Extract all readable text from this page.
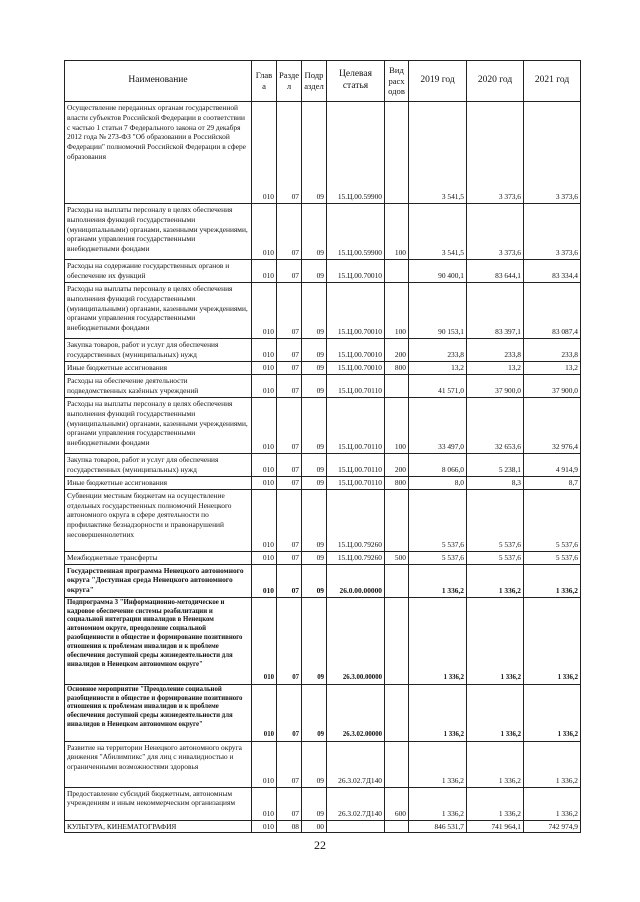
Наименование	Глав а	Разде л	Подр аздел	Целевая статья	Вид расх одов	2019 год	2020 год	2021 год
Осуществление переданных органам государственной власти субъектов Российской Федерации в соответствии с частью 1 статьи 7 Федерального закона от 29 декабря 2012 года № 273-ФЗ "Об образовании в Российской Федерации" полномочий Российской Федерации в сфере образования	010	07	09	15.Ц.00.59900		3 541,5	3 373,6	3 373,6
Расходы на выплаты персоналу в целях обеспечения выполнения функций государственными (муниципальными) органами, казенными учреждениями, органами управления государственными внебюджетными фондами	010	07	09	15.Ц.00.59900	100	3 541,5	3 373,6	3 373,6
Расходы на содержание государственных органов и обеспечение их функций	010	07	09	15.Ц.00.70010		90 400,1	83 644,1	83 334,4
Расходы на выплаты персоналу в целях обеспечения выполнения функций государственными (муниципальными) органами, казенными учреждениями, органами управления государственными внебюджетными фондами	010	07	09	15.Ц.00.70010	100	90 153,1	83 397,1	83 087,4
Закупка товаров, работ и услуг для обеспечения государственных (муниципальных) нужд	010	07	09	15.Ц.00.70010	200	233,8	233,8	233,8
Иные бюджетные ассигнования	010	07	09	15.Ц.00.70010	800	13,2	13,2	13,2
Расходы на обеспечение деятельности подведомственных казённых учреждений	010	07	09	15.Ц.00.70110		41 571,0	37 900,0	37 900,0
Расходы на выплаты персоналу в целях обеспечения выполнения функций государственными (муниципальными) органами, казенными учреждениями, органами управления государственными внебюджетными фондами	010	07	09	15.Ц.00.70110	100	33 497,0	32 653,6	32 976,4
Закупка товаров, работ и услуг для обеспечения государственных (муниципальных) нужд	010	07	09	15.Ц.00.70110	200	8 066,0	5 238,1	4 914,9
Иные бюджетные ассигнования	010	07	09	15.Ц.00.70110	800	8,0	8,3	8,7
Субвенции местным бюджетам на осуществление отдельных государственных полномочий Ненецкого автономного округа в сфере деятельности по профилактике безнадзорности и правонарушений несовершеннолетних	010	07	09	15.Ц.00.79260		5 537,6	5 537,6	5 537,6
Межбюджетные трансферты	010	07	09	15.Ц.00.79260	500	5 537,6	5 537,6	5 537,6
Государственная программа Ненецкого автономного округа "Доступная среда Ненецкого автономного округа"	010	07	09	26.0.00.00000		1 336,2	1 336,2	1 336,2
Подпрограмма 3 "Информационно-методическое и кадровое обеспечение системы реабилитации и социальной интеграции инвалидов в Ненецком автономном округе, преодоление социальной разобщенности в обществе и формирование позитивного отношения к проблемам инвалидов и к проблеме обеспечения доступной среды жизнедеятельности для инвалидов в Ненецком автономном округе"	010	07	09	26.3.00.00000		1 336,2	1 336,2	1 336,2
Основное мероприятие "Преодоление социальной разобщенности в обществе и формирование позитивного отношения к проблемам инвалидов и к проблеме обеспечения доступной среды жизнедеятельности для инвалидов в Ненецком автономном округе"	010	07	09	26.3.02.00000		1 336,2	1 336,2	1 336,2
Развитие на территории Ненецкого автономного округа движения "Абилимпикс" для лиц с инвалидностью и ограниченными возможностями здоровья	010	07	09	26.3.02.7Д140		1 336,2	1 336,2	1 336,2
Предоставление субсидий бюджетным, автономным учреждениям и иным некоммерческим организациям	010	07	09	26.3.02.7Д140	600	1 336,2	1 336,2	1 336,2
КУЛЬТУРА, КИНЕМАТОГРАФИЯ	010	08	00			846 531,7	741 964,1	742 974,9
22
